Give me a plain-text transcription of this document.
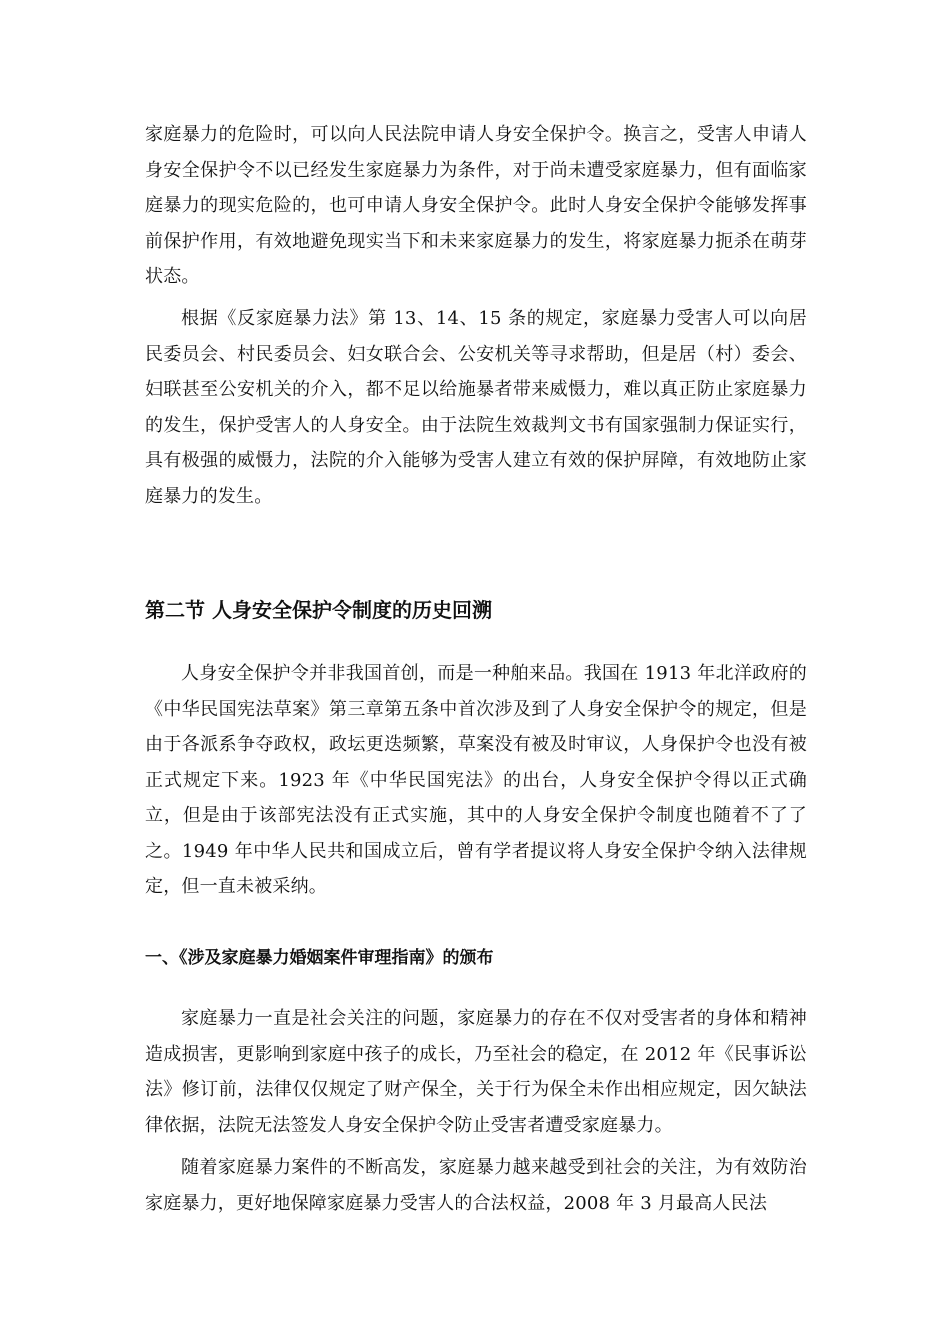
家庭暴力的危险时，可以向人民法院申请人身安全保护令。换言之，受害人申请人身安全保护令不以已经发生家庭暴力为条件，对于尚未遭受家庭暴力，但有面临家庭暴力的现实危险的，也可申请人身安全保护令。此时人身安全保护令能够发挥事前保护作用，有效地避免现实当下和未来家庭暴力的发生，将家庭暴力扼杀在萌芽状态。

根据《反家庭暴力法》第 13、14、15 条的规定，家庭暴力受害人可以向居民委员会、村民委员会、妇女联合会、公安机关等寻求帮助，但是居（村）委会、妇联甚至公安机关的介入，都不足以给施暴者带来威慑力，难以真正防止家庭暴力的发生，保护受害人的人身安全。由于法院生效裁判文书有国家强制力保证实行，具有极强的威慑力，法院的介入能够为受害人建立有效的保护屏障，有效地防止家庭暴力的发生。

第二节 人身安全保护令制度的历史回溯

人身安全保护令并非我国首创，而是一种舶来品。我国在 1913 年北洋政府的《中华民国宪法草案》第三章第五条中首次涉及到了人身安全保护令的规定，但是由于各派系争夺政权，政坛更迭频繁，草案没有被及时审议，人身保护令也没有被正式规定下来。1923 年《中华民国宪法》的出台，人身安全保护令得以正式确立，但是由于该部宪法没有正式实施，其中的人身安全保护令制度也随着不了了之。1949 年中华人民共和国成立后，曾有学者提议将人身安全保护令纳入法律规定，但一直未被采纳。

一、《涉及家庭暴力婚姻案件审理指南》的颁布

家庭暴力一直是社会关注的问题，家庭暴力的存在不仅对受害者的身体和精神造成损害，更影响到家庭中孩子的成长，乃至社会的稳定，在 2012 年《民事诉讼法》修订前，法律仅仅规定了财产保全，关于行为保全未作出相应规定，因欠缺法律依据，法院无法签发人身安全保护令防止受害者遭受家庭暴力。

随着家庭暴力案件的不断高发，家庭暴力越来越受到社会的关注，为有效防治家庭暴力，更好地保障家庭暴力受害人的合法权益，2008 年 3 月最高人民法
